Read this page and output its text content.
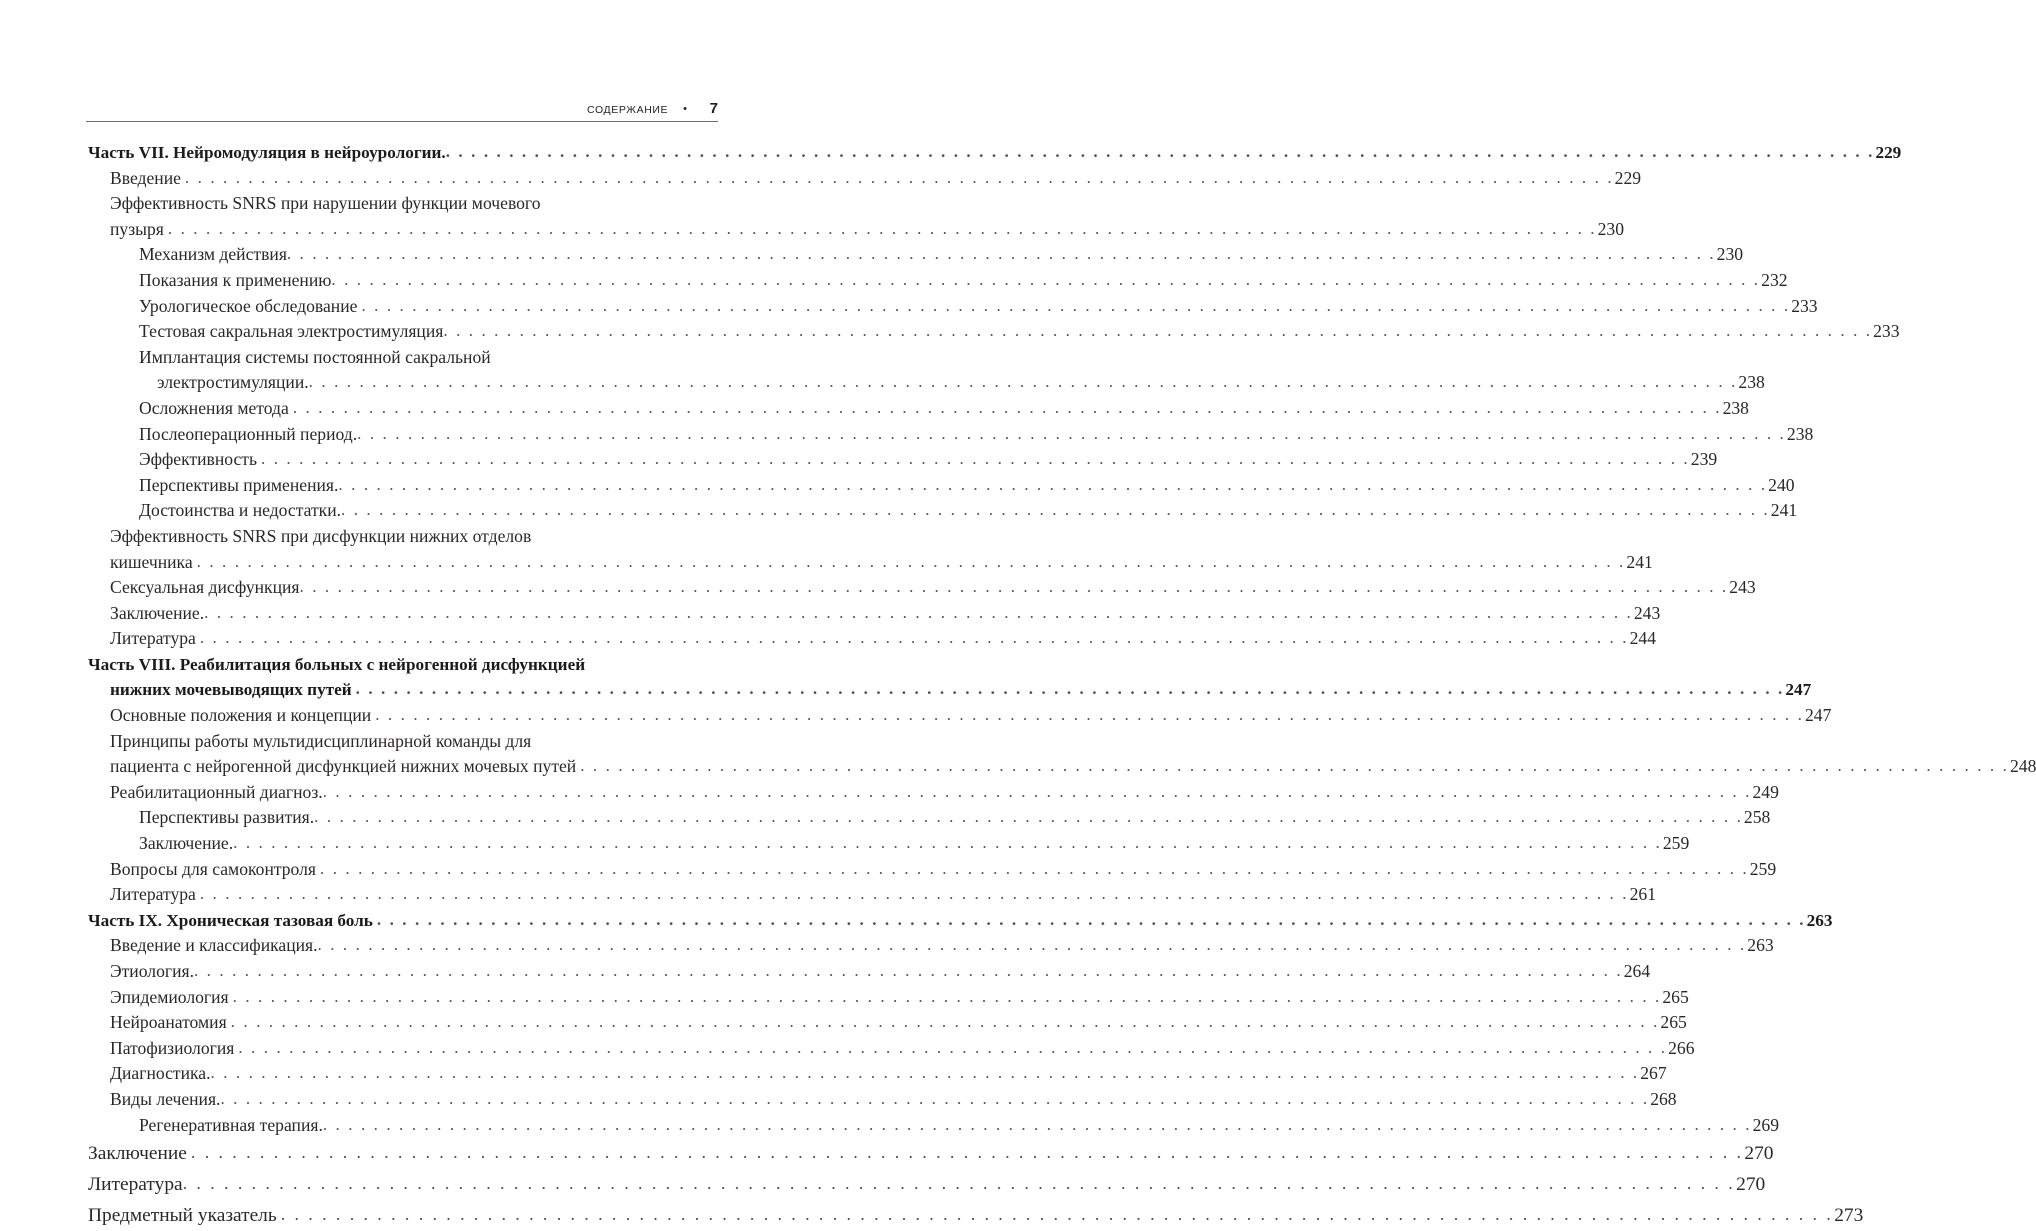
СОДЕРЖАНИЕ •	7
Часть VII. Нейромодуляция в нейроурологии. . . .	229
Введение . . .	229
Эффективность SNRS при нарушении функции мочевого
пузыря . . .	230
Механизм действия . . .	230
Показания к применению . . .	232
Урологическое обследование . . .	233
Тестовая сакральная электростимуляция . . .	233
Имплантация системы постоянной сакральной
электростимуляции. . . .	238
Осложнения метода . . .	238
Послеоперационный период. . . .	238
Эффективность . . .	239
Перспективы применения. . . .	240
Достоинства и недостатки. . . .	241
Эффективность SNRS при дисфункции нижних отделов
кишечника . . .	241
Сексуальная дисфункция . . .	243
Заключение. . . .	243
Литература . . .	244
Часть VIII. Реабилитация больных с нейрогенной дисфункцией
нижних мочевыводящих путей . . .	247
Основные положения и концепции . . .	247
Принципы работы мультидисциплинарной команды для
пациента с нейрогенной дисфункцией нижних мочевых путей . . .	248
Реабилитационный диагноз. . . .	249
Перспективы развития. . . .	258
Заключение. . . .	259
Вопросы для самоконтроля . . .	259
Литература . . .	261
Часть IX. Хроническая тазовая боль . . .	263
Введение и классификация. . . .	263
Этиология. . . .	264
Эпидемиология . . .	265
Нейроанатомия . . .	265
Патофизиология . . .	266
Диагностика. . . .	267
Виды лечения. . . .	268
Регенеративная терапия. . . .	269
Заключение . . .	270
Литература . . .	270
Предметный указатель . . .	273
